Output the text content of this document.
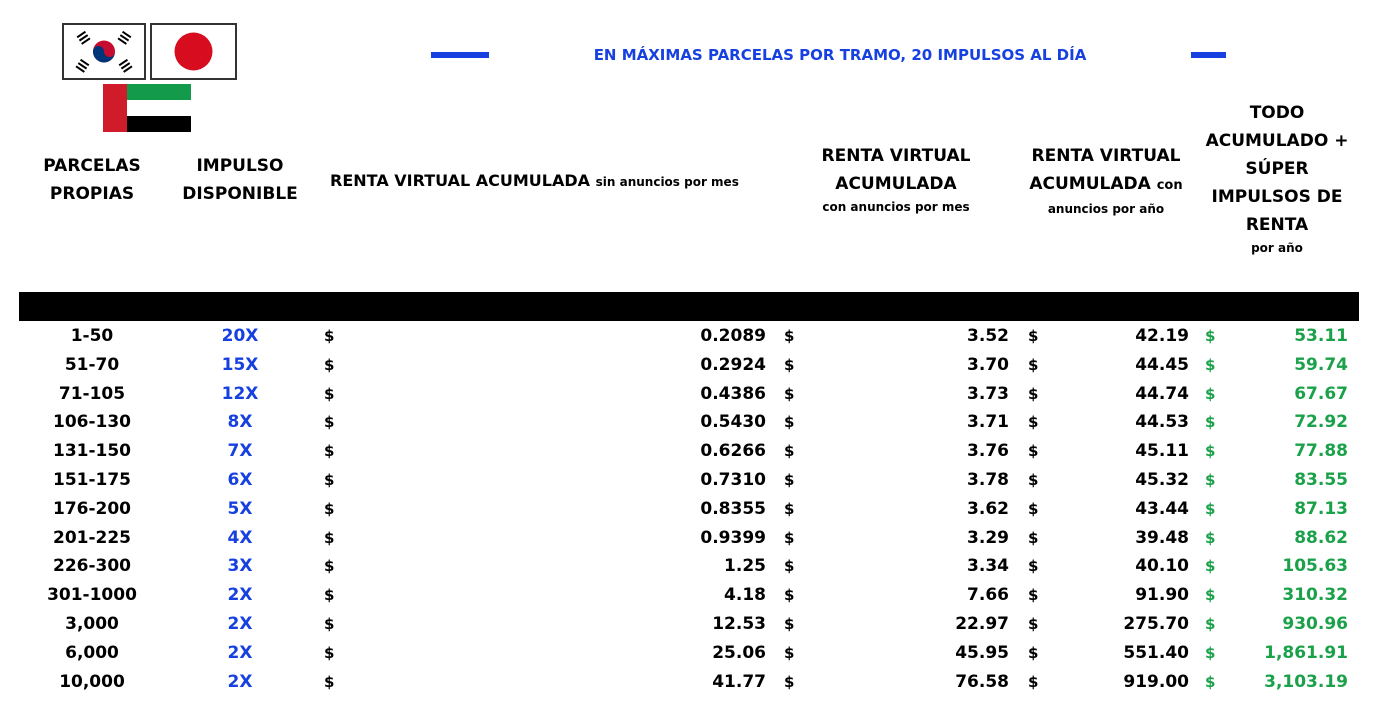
EN MÁXIMAS PARCELAS POR TRAMO, 20 IMPULSOS AL DÍA
PARCELAS PROPIAS
IMPULSO DISPONIBLE
RENTA VIRTUAL ACUMULADA sin anuncios por mes
RENTA VIRTUAL ACUMULADA
con anuncios por mes
RENTA VIRTUAL
ACUMULADA con
anuncios por año
TODO ACUMULADO + SÚPER IMPULSOS DE RENTA
por año
1-50	20X	$	0.2089 $	3.52 $	42.19 $	53.11
51-70	15X	$	0.2924 $	3.70 $	44.45 $	59.74
71-105	12X	$	0.4386 $	3.73 $	44.74 $	67.67
106-130	8X	$	0.5430 $	3.71 $	44.53 $	72.92
131-150	7X	$	0.6266 $	3.76 $	45.11 $	77.88
151-175	6X	$	0.7310 $	3.78 $	45.32 $	83.55
176-200	5X	$	0.8355 $	3.62 $	43.44 $	87.13
201-225	4X	$	0.9399 $	3.29 $	39.48 $	88.62
226-300	3X	$	1.25 $	3.34 $	40.10 $	105.63
301-1000	2X	$	4.18 $	7.66 $	91.90 $	310.32
3,000	2X	$	12.53 $	22.97 $	275.70 $	930.96
6,000	2X	$	25.06 $	45.95 $	551.40 $	1,861.91
10,000	2X	$	41.77 $	76.58 $	919.00 $	3,103.19
